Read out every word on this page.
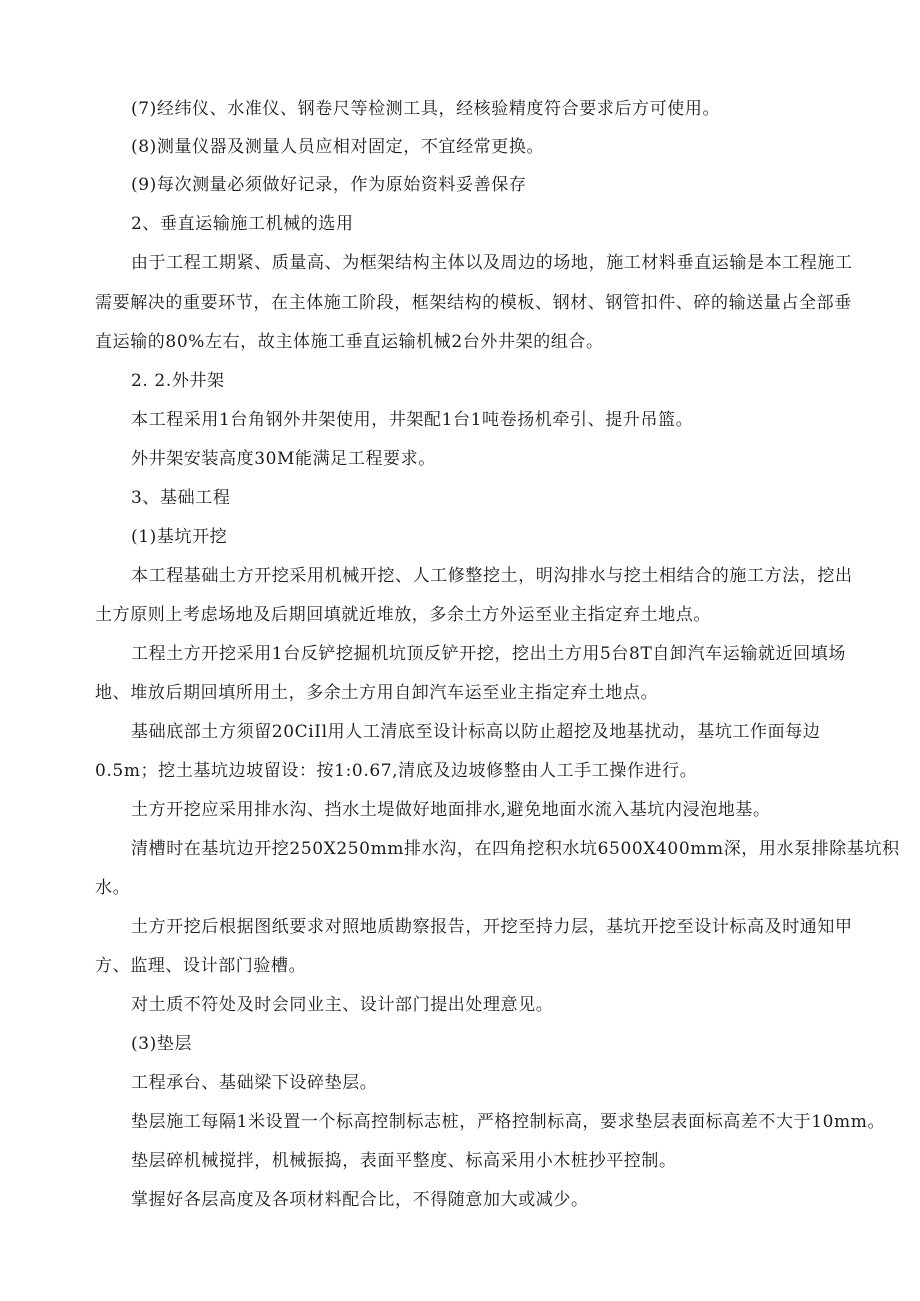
(7)经纬仪、水准仪、钢卷尺等检测工具，经核验精度符合要求后方可使用。
(8)测量仪器及测量人员应相对固定，不宜经常更换。
(9)每次测量必须做好记录，作为原始资料妥善保存
2、垂直运输施工机械的选用
由于工程工期紧、质量高、为框架结构主体以及周边的场地，施工材料垂直运输是本工程施工
需要解决的重要环节，在主体施工阶段，框架结构的模板、钢材、钢管扣件、碎的输送量占全部垂
直运输的80%左右，故主体施工垂直运输机械2台外井架的组合。
2. 2.外井架
本工程采用1台角钢外井架使用，井架配1台1吨卷扬机牵引、提升吊篮。
外井架安装高度30M能满足工程要求。
3、基础工程
(1)基坑开挖
本工程基础土方开挖采用机械开挖、人工修整挖土，明沟排水与挖土相结合的施工方法，挖出
土方原则上考虑场地及后期回填就近堆放，多余土方外运至业主指定弃土地点。
工程土方开挖采用1台反铲挖掘机坑顶反铲开挖，挖出土方用5台8T自卸汽车运输就近回填场
地、堆放后期回填所用土，多余土方用自卸汽车运至业主指定弃土地点。
基础底部土方须留20CiIl用人工清底至设计标高以防止超挖及地基扰动，基坑工作面每边
0.5m；挖土基坑边坡留设：按1:0.67,清底及边坡修整由人工手工操作进行。
土方开挖应采用排水沟、挡水土堤做好地面排水,避免地面水流入基坑内浸泡地基。
清槽时在基坑边开挖250X250mm排水沟，在四角挖积水坑6500X400mm深，用水泵排除基坑积
水。
土方开挖后根据图纸要求对照地质勘察报告，开挖至持力层，基坑开挖至设计标高及时通知甲
方、监理、设计部门验槽。
对土质不符处及时会同业主、设计部门提出处理意见。
(3)垫层
工程承台、基础梁下设碎垫层。
垫层施工每隔1米设置一个标高控制标志桩，严格控制标高，要求垫层表面标高差不大于10mm。
垫层碎机械搅拌，机械振捣，表面平整度、标高采用小木桩抄平控制。
掌握好各层高度及各项材料配合比，不得随意加大或减少。
